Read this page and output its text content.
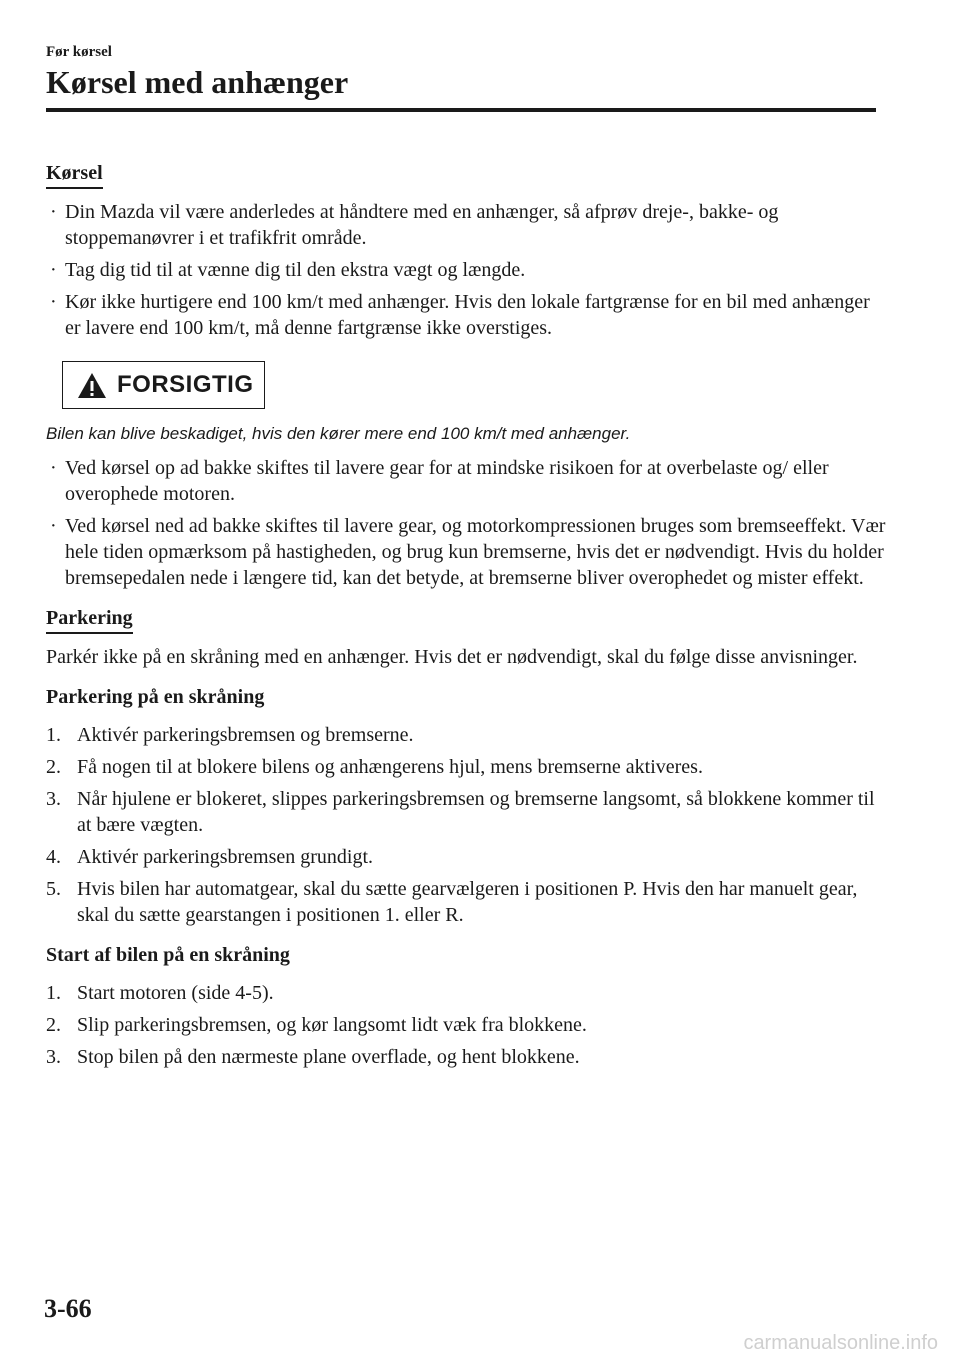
Før kørsel
Kørsel med anhænger
Kørsel
· Din Mazda vil være anderledes at håndtere med en anhænger, så afprøv dreje-, bakke- og stoppemanøvrer i et trafikfrit område.
· Tag dig tid til at vænne dig til den ekstra vægt og længde.
· Kør ikke hurtigere end 100 km/t med anhænger. Hvis den lokale fartgrænse for en bil med anhænger er lavere end 100 km/t, må denne fartgrænse ikke overstiges.
FORSIGTIG
Bilen kan blive beskadiget, hvis den kører mere end 100 km/t med anhænger.
· Ved kørsel op ad bakke skiftes til lavere gear for at mindske risikoen for at overbelaste og/ eller overophede motoren.
· Ved kørsel ned ad bakke skiftes til lavere gear, og motorkompressionen bruges som bremseeffekt. Vær hele tiden opmærksom på hastigheden, og brug kun bremserne, hvis det er nødvendigt. Hvis du holder bremsepedalen nede i længere tid, kan det betyde, at bremserne bliver overophedet og mister effekt.
Parkering

Parkér ikke på en skråning med en anhænger. Hvis det er nødvendigt, skal du følge disse anvisninger.

Parkering på en skråning
1. Aktivér parkeringsbremsen og bremserne.
2. Få nogen til at blokere bilens og anhængerens hjul, mens bremserne aktiveres.
3. Når hjulene er blokeret, slippes parkeringsbremsen og bremserne langsomt, så blokkene kommer til at bære vægten.
4. Aktivér parkeringsbremsen grundigt.
5. Hvis bilen har automatgear, skal du sætte gearvælgeren i positionen P. Hvis den har manuelt gear, skal du sætte gearstangen i positionen 1. eller R.
Start af bilen på en skråning
1. Start motoren (side 4-5).
2. Slip parkeringsbremsen, og kør langsomt lidt væk fra blokkene.
3. Stop bilen på den nærmeste plane overflade, og hent blokkene.
3-66
carmanualsonline.info
